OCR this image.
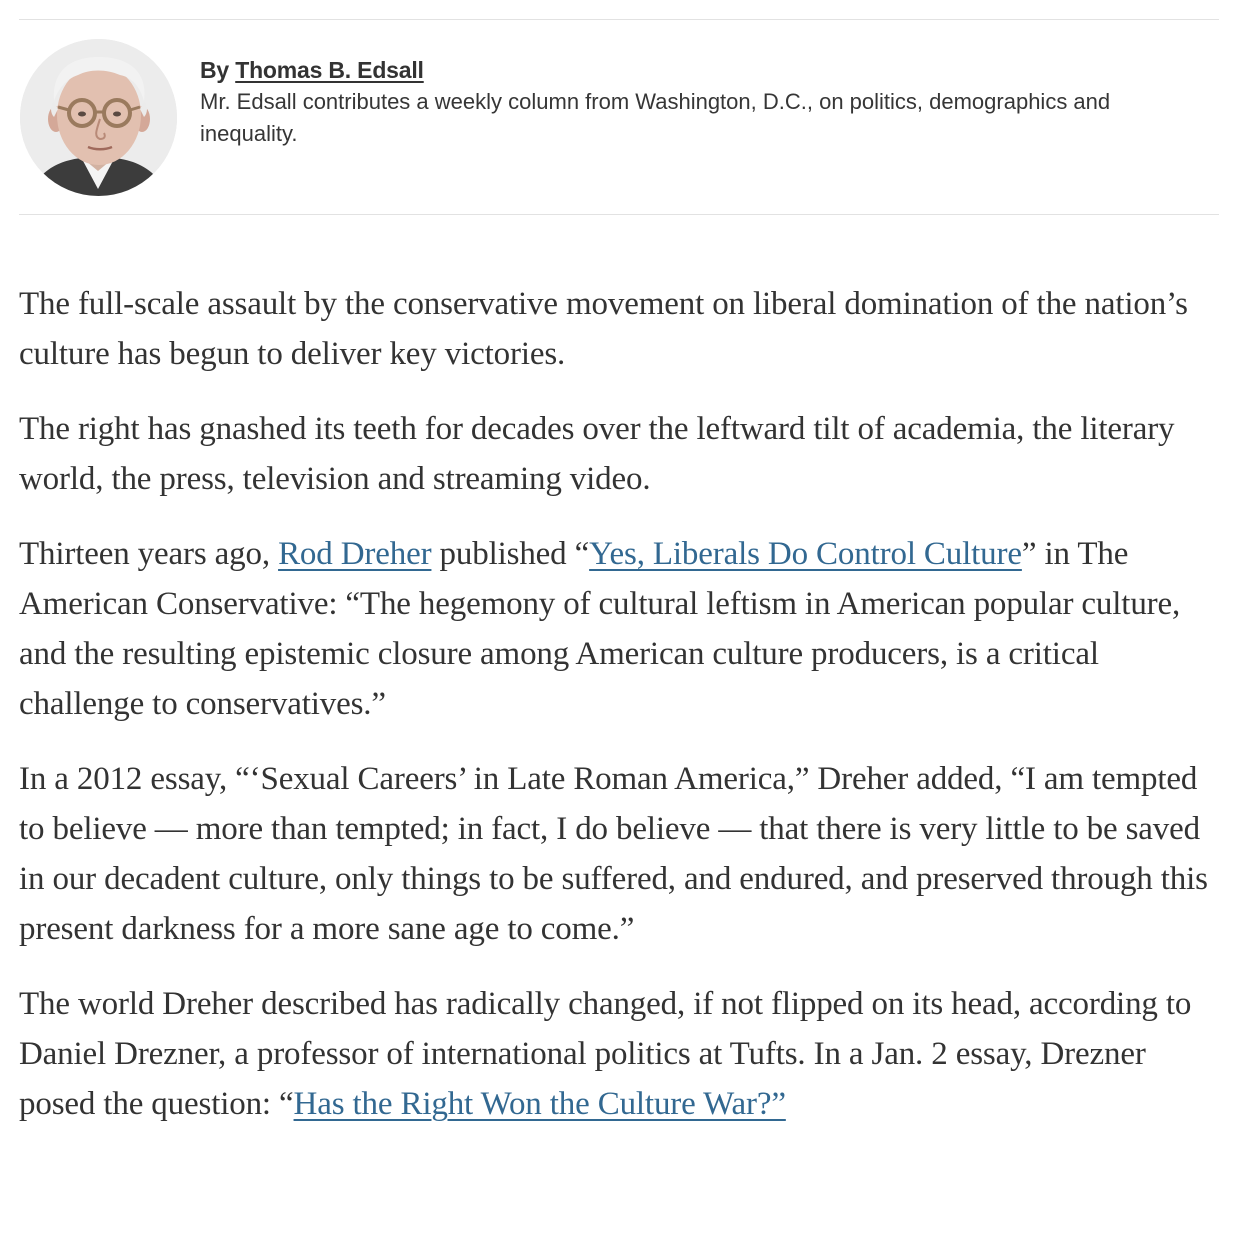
By Thomas B. Edsall
Mr. Edsall contributes a weekly column from Washington, D.C., on politics, demographics and inequality.

The full-scale assault by the conservative movement on liberal domination of the nation’s culture has begun to deliver key victories.

The right has gnashed its teeth for decades over the leftward tilt of academia, the literary world, the press, television and streaming video.

Thirteen years ago, Rod Dreher published “Yes, Liberals Do Control Culture” in The American Conservative: “The hegemony of cultural leftism in American popular culture, and the resulting epistemic closure among American culture producers, is a critical challenge to conservatives.”

In a 2012 essay, “‘Sexual Careers’ in Late Roman America,” Dreher added, “I am tempted to believe — more than tempted; in fact, I do believe — that there is very little to be saved in our decadent culture, only things to be suffered, and endured, and preserved through this present darkness for a more sane age to come.”

The world Dreher described has radically changed, if not flipped on its head, according to Daniel Drezner, a professor of international politics at Tufts. In a Jan. 2 essay, Drezner posed the question: “Has the Right Won the Culture War?”
